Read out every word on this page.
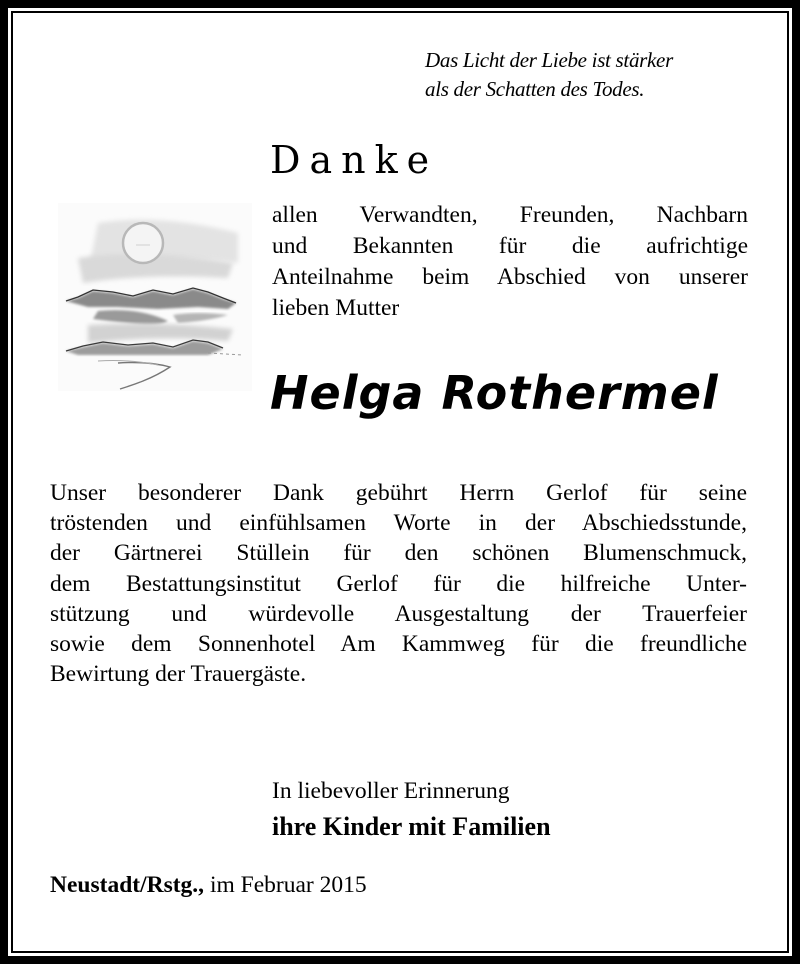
Das Licht der Liebe ist stärker
als der Schatten des Todes.
Danke
allen Verwandten, Freunden, Nachbarn
und Bekannten für die aufrichtige
Anteilnahme beim Abschied von unserer
lieben Mutter
Helga Rothermel
Unser besonderer Dank gebührt Herrn Gerlof für seine
tröstenden und einfühlsamen Worte in der Abschiedsstunde,
der Gärtnerei Stüllein für den schönen Blumenschmuck,
dem Bestattungsinstitut Gerlof für die hilfreiche Unter-
stützung und würdevolle Ausgestaltung der Trauerfeier
sowie dem Sonnenhotel Am Kammweg für die freundliche
Bewirtung der Trauergäste.
In liebevoller Erinnerung
ihre Kinder mit Familien
Neustadt/Rstg., im Februar 2015
